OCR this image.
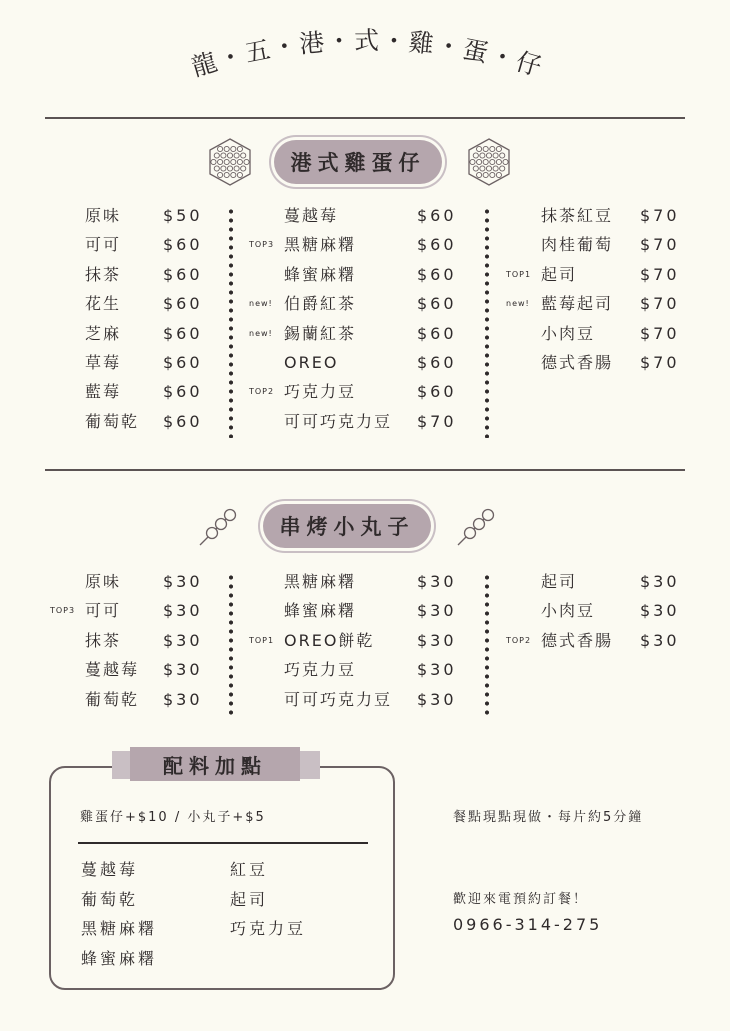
龍・五・港・式・雞・蛋・仔
港式雞蛋仔
原味	$50
可可	$60
抹茶	$60
花生	$60
芝麻	$60
草莓	$60
藍莓	$60
葡萄乾 $60
蔓越莓	$60
TOP3 黑糖麻糬	$60
蜂蜜麻糬	$60
new! 伯爵紅茶	$60
new! 錫蘭紅茶	$60
OREO	$60
TOP2 巧克力豆	$60
可可巧克力豆 $70
抹茶紅豆 $70
肉桂葡萄 $70
TOP1 起司	$70
new! 藍莓起司 $70
小肉豆	$70
德式香腸 $70
串烤小丸子
原味	$30
TOP3 可可	$30
抹茶	$30
蔓越莓 $30
葡萄乾 $30
黑糖麻糬	$30
蜂蜜麻糬	$30
TOP1 OREO餅乾	$30
巧克力豆	$30
可可巧克力豆 $30
起司	$30
小肉豆	$30
TOP2 德式香腸 $30
配料加點
雞蛋仔+$10 / 小丸子+$5
蔓越莓
葡萄乾
黑糖麻糬
蜂蜜麻糬
紅豆
起司
巧克力豆
餐點現點現做・每片約5分鐘
歡迎來電預約訂餐！
0966-314-275
